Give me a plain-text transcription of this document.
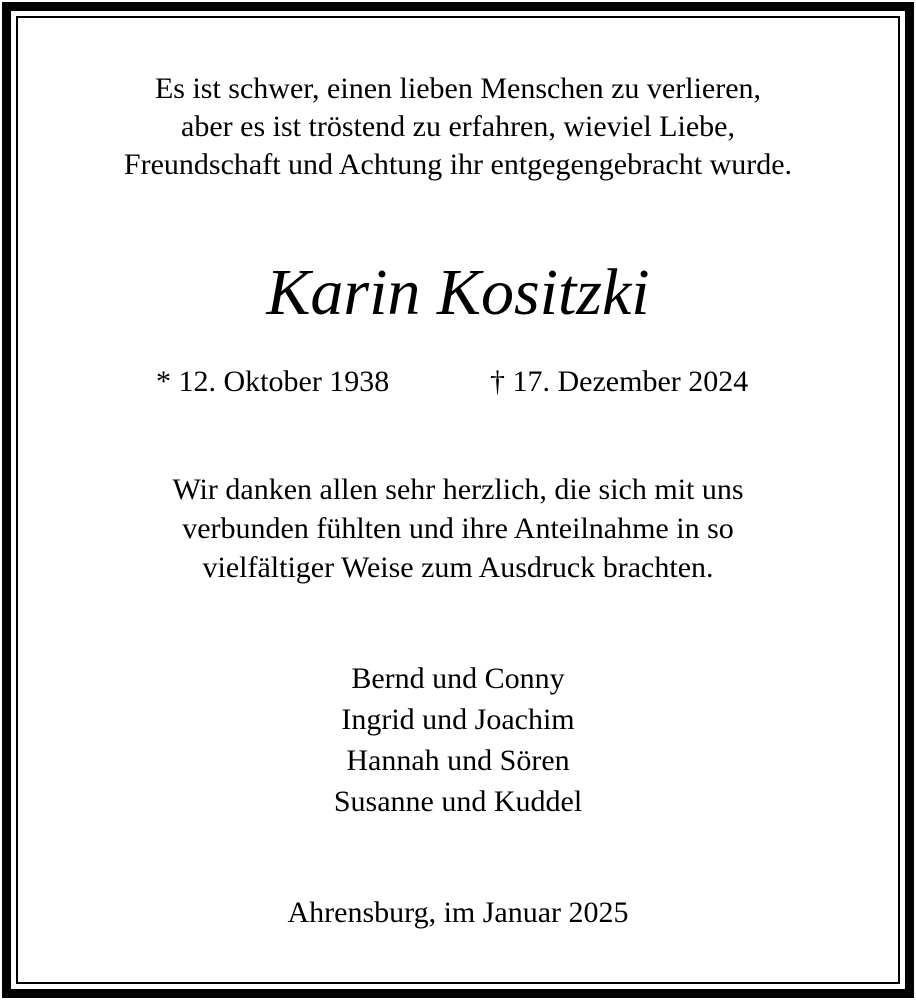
Es ist schwer, einen lieben Menschen zu verlieren,
aber es ist tröstend zu erfahren, wieviel Liebe,
Freundschaft und Achtung ihr entgegengebracht wurde.
Karin Kositzki
* 12. Oktober 1938	† 17. Dezember 2024
Wir danken allen sehr herzlich, die sich mit uns
verbunden fühlten und ihre Anteilnahme in so
vielfältiger Weise zum Ausdruck brachten.
Bernd und Conny
Ingrid und Joachim
Hannah und Sören
Susanne und Kuddel
Ahrensburg, im Januar 2025
